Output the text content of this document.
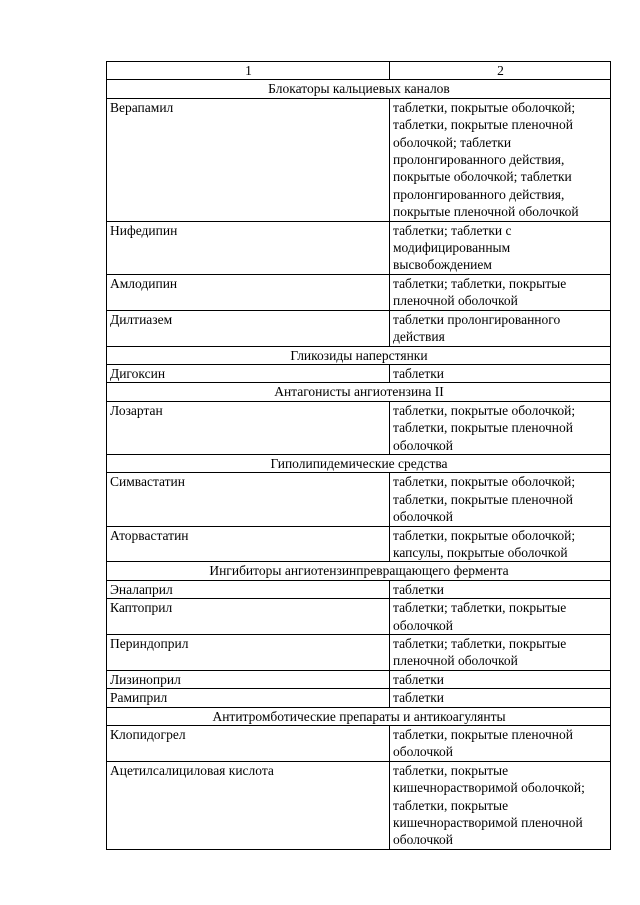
1	2
Блокаторы кальциевых каналов	
Верапамил	таблетки, покрытые оболочкой; таблетки, покрытые пленочной оболочкой; таблетки пролонгированного действия, покрытые оболочкой; таблетки пролонгированного действия, покрытые пленочной оболочкой
Нифедипин	таблетки; таблетки с модифицированным высвобождением
Амлодипин	таблетки; таблетки, покрытые пленочной оболочкой
Дилтиазем	таблетки пролонгированного действия
Гликозиды наперстянки	
Дигоксин	таблетки
Антагонисты ангиотензина II	
Лозартан	таблетки, покрытые оболочкой; таблетки, покрытые пленочной оболочкой
Гиполипидемические средства	
Симвастатин	таблетки, покрытые оболочкой; таблетки, покрытые пленочной оболочкой
Аторвастатин	таблетки, покрытые оболочкой; капсулы, покрытые оболочкой
Ингибиторы ангиотензинпревращающего фермента	
Эналаприл	таблетки
Каптоприл	таблетки; таблетки, покрытые оболочкой
Периндоприл	таблетки; таблетки, покрытые пленочной оболочкой
Лизиноприл	таблетки
Рамиприл	таблетки
Антитромботические препараты и антикоагулянты	
Клопидогрел	таблетки, покрытые пленочной оболочкой
Ацетилсалициловая кислота	таблетки, покрытые кишечнорастворимой оболочкой; таблетки, покрытые кишечнорастворимой пленочной оболочкой
